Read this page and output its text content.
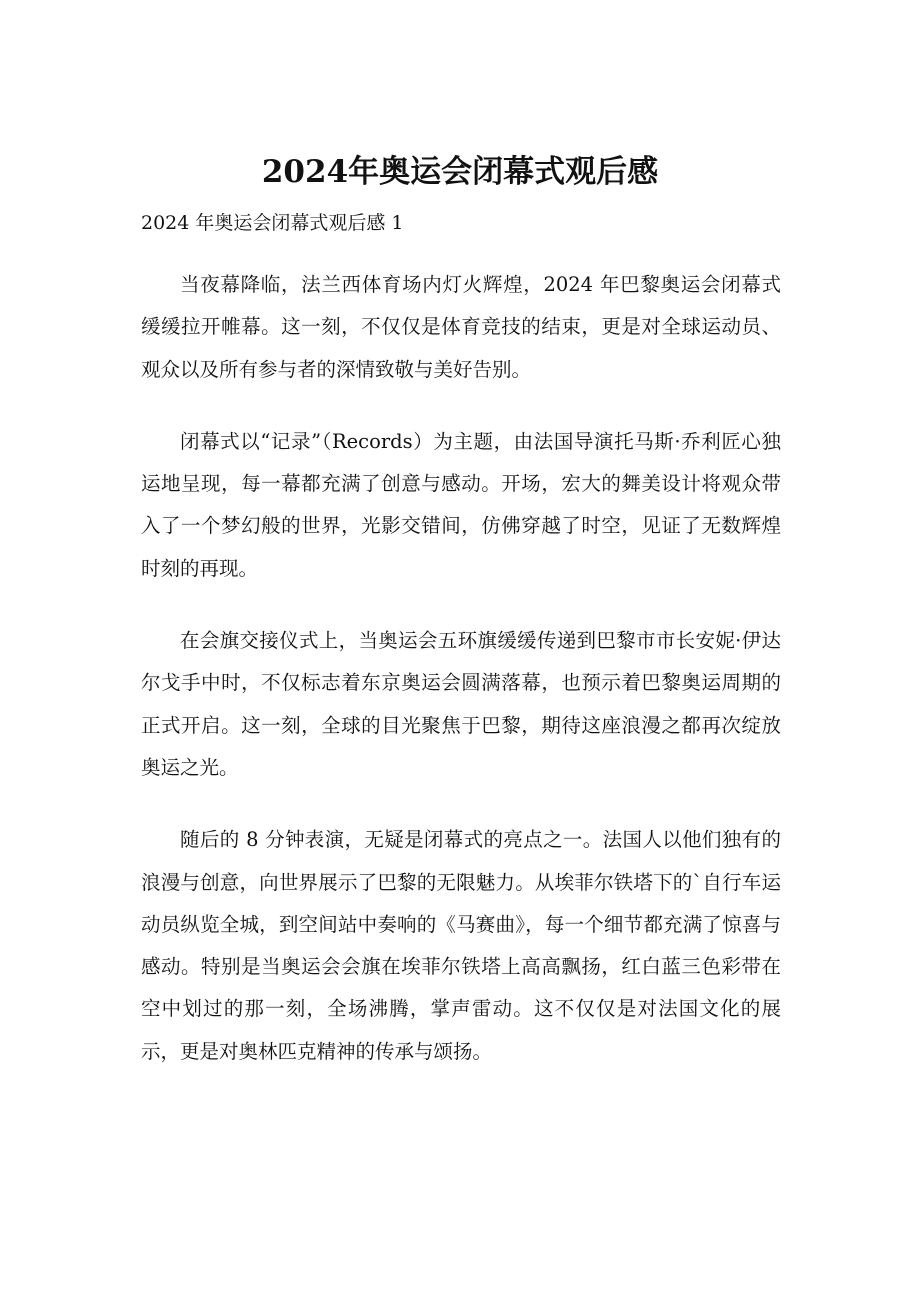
2024年奥运会闭幕式观后感
2024 年奥运会闭幕式观后感 1

当夜幕降临，法兰西体育场内灯火辉煌，2024 年巴黎奥运会闭幕式缓缓拉开帷幕。这一刻，不仅仅是体育竞技的结束，更是对全球运动员、观众以及所有参与者的深情致敬与美好告别。

闭幕式以“记录”（Records）为主题，由法国导演托马斯·乔利匠心独运地呈现，每一幕都充满了创意与感动。开场，宏大的舞美设计将观众带入了一个梦幻般的世界，光影交错间，仿佛穿越了时空，见证了无数辉煌时刻的再现。

在会旗交接仪式上，当奥运会五环旗缓缓传递到巴黎市市长安妮·伊达尔戈手中时，不仅标志着东京奥运会圆满落幕，也预示着巴黎奥运周期的正式开启。这一刻，全球的目光聚焦于巴黎，期待这座浪漫之都再次绽放奥运之光。

随后的 8 分钟表演，无疑是闭幕式的亮点之一。法国人以他们独有的浪漫与创意，向世界展示了巴黎的无限魅力。从埃菲尔铁塔下的`自行车运动员纵览全城，到空间站中奏响的《马赛曲》，每一个细节都充满了惊喜与感动。特别是当奥运会会旗在埃菲尔铁塔上高高飘扬，红白蓝三色彩带在空中划过的那一刻，全场沸腾，掌声雷动。这不仅仅是对法国文化的展示，更是对奥林匹克精神的传承与颂扬。
